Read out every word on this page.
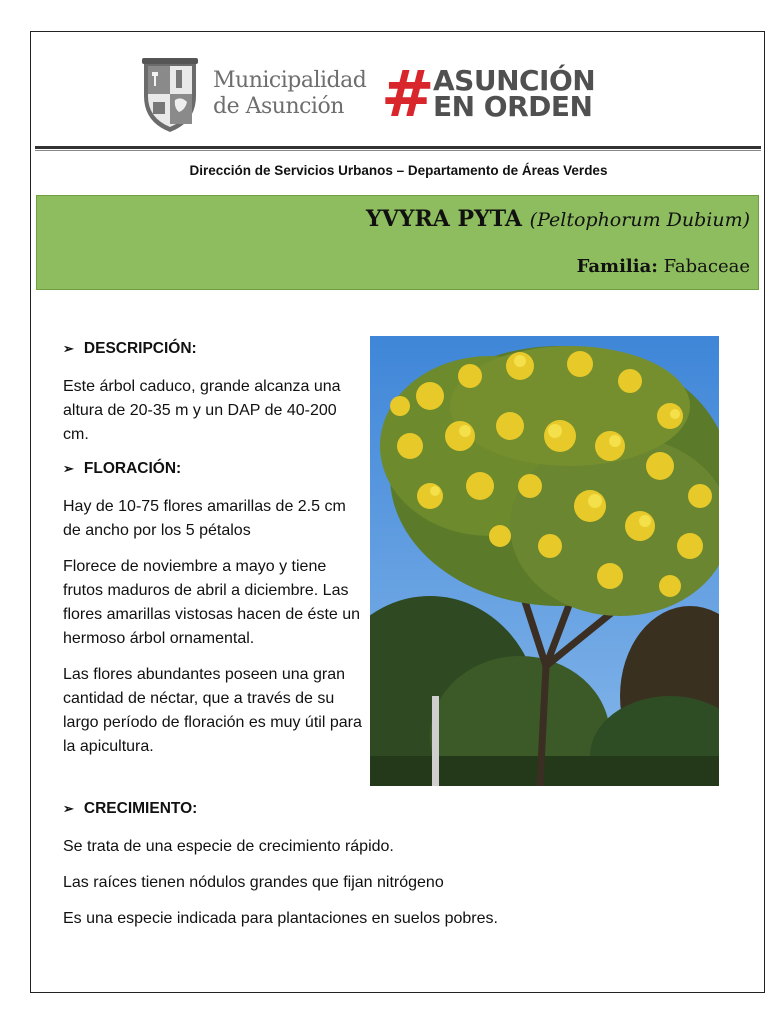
Municipalidad
de Asunción # ASUNCIÓN
EN ORDEN
Dirección de Servicios Urbanos – Departamento de Áreas Verdes
YVYRA PYTA (Peltophorum Dubium)
Familia: Fabaceae
➢ DESCRIPCIÓN:

Este árbol caduco, grande alcanza una altura de 20-35 m y un DAP de 40-200 cm.

➢ FLORACIÓN:

Hay de 10-75 flores amarillas de 2.5 cm de ancho por los 5 pétalos

Florece de noviembre a mayo y tiene frutos maduros de abril a diciembre. Las flores amarillas vistosas hacen de éste un hermoso árbol ornamental.

Las flores abundantes poseen una gran cantidad de néctar, que a través de su largo período de floración es muy útil para la apicultura.

➢ CRECIMIENTO:

Se trata de una especie de crecimiento rápido.

Las raíces tienen nódulos grandes que fijan nitrógeno

Es una especie indicada para plantaciones en suelos pobres.
